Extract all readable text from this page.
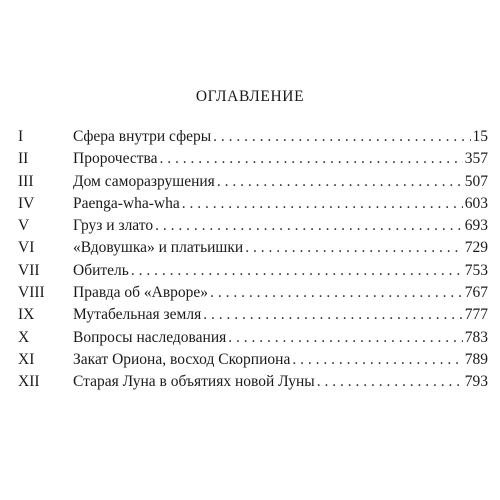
ОГЛАВЛЕНИЕ
I	Сфера внутри сферы . . .	15
II	Пророчества . . .	357
III	Дом саморазрушения . . .	507
IV	Paenga-wha-wha . . .	603
V	Груз и злато . . .	693
VI	«Вдовушка» и платьишки . . .	729
VII	Обитель . . .	753
VIII	Правда об «Авроре» . . .	767
IX	Мутабельная земля . . .	777
X	Вопросы наследования . . .	783
XI	Закат Ориона, восход Скорпиона . . .	789
XII	Старая Луна в объятиях новой Луны . . .	793
